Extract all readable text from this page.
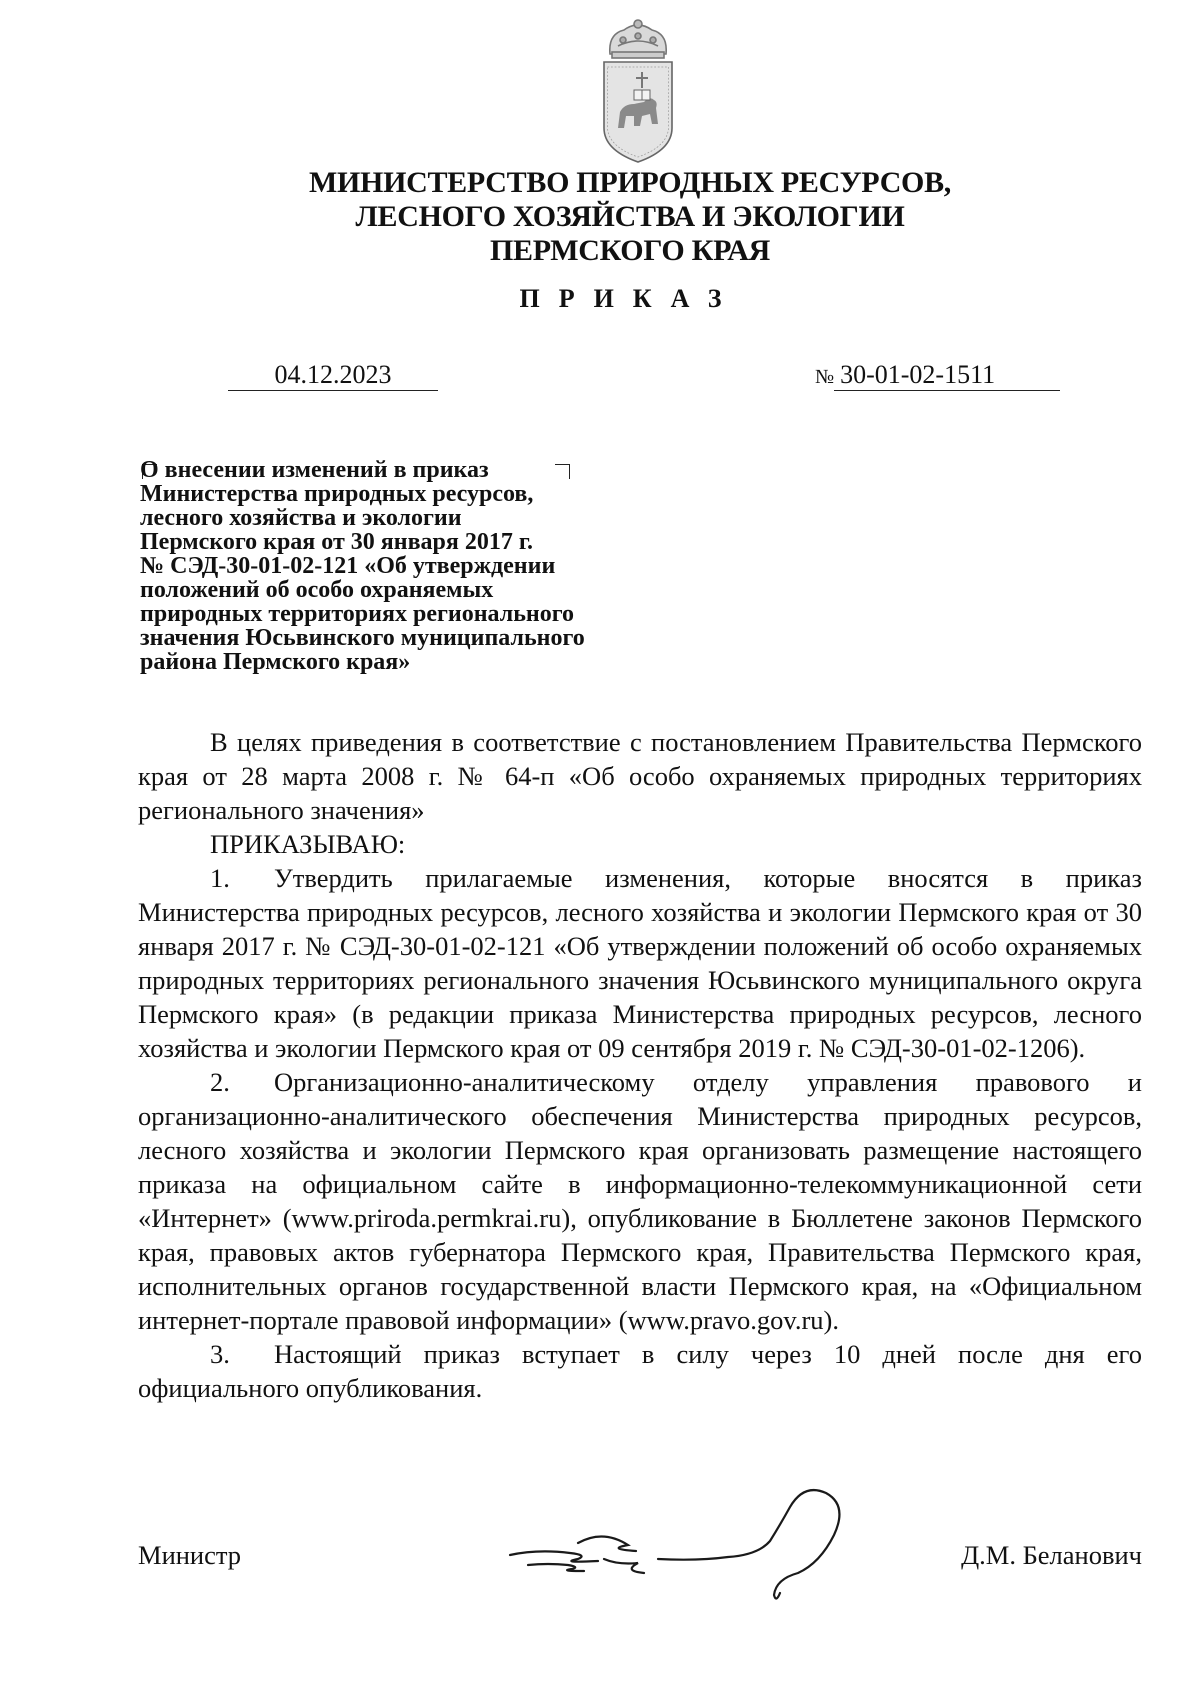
МИНИСТЕРСТВО ПРИРОДНЫХ РЕСУРСОВ,
ЛЕСНОГО ХОЗЯЙСТВА И ЭКОЛОГИИ
ПЕРМСКОГО КРАЯ
ПРИКАЗ
04.12.2023	№ 30-01-02-1511
О внесении изменений в приказ
Министерства природных ресурсов,
лесного хозяйства и экологии
Пермского края от 30 января 2017 г.
№ СЭД-30-01-02-121 «Об утверждении
положений об особо охраняемых
природных территориях регионального
значения Юсьвинского муниципального
района Пермского края»

В целях приведения в соответствие с постановлением Правительства Пермского края от 28 марта 2008 г. № 64-п «Об особо охраняемых природных территориях регионального значения»

ПРИКАЗЫВАЮ:

1. Утвердить прилагаемые изменения, которые вносятся в приказ Министерства природных ресурсов, лесного хозяйства и экологии Пермского края от 30 января 2017 г. № СЭД-30-01-02-121 «Об утверждении положений об особо охраняемых природных территориях регионального значения Юсьвинского муниципального округа Пермского края» (в редакции приказа Министерства природных ресурсов, лесного хозяйства и экологии Пермского края от 09 сентября 2019 г. № СЭД-30-01-02-1206).

2. Организационно-аналитическому отделу управления правового и организационно-аналитического обеспечения Министерства природных ресурсов, лесного хозяйства и экологии Пермского края организовать размещение настоящего приказа на официальном сайте в информационно-телекоммуникационной сети «Интернет» (www.priroda.permkrai.ru), опубликование в Бюллетене законов Пермского края, правовых актов губернатора Пермского края, Правительства Пермского края, исполнительных органов государственной власти Пермского края, на «Официальном интернет-портале правовой информации» (www.pravo.gov.ru).

3. Настоящий приказ вступает в силу через 10 дней после дня его официального опубликования.

Министр	Д.М. Беланович
